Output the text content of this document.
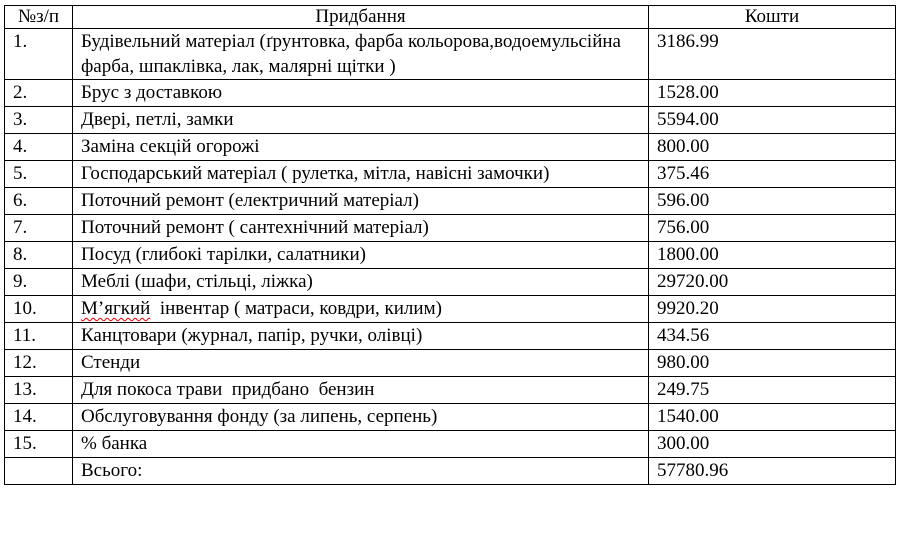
№з/п	Придбання	Кошти
1.	Будівельний матеріал (ґрунтовка, фарба кольорова,водоемульсійна фарба, шпаклівка, лак, малярні щітки )	3186.99
2.	Брус з доставкою	1528.00
3.	Двері, петлі, замки	5594.00
4.	Заміна секцій огорожі	800.00
5.	Господарський матеріал ( рулетка, мітла, навісні замочки)	375.46
6.	Поточний ремонт (електричний матеріал)	596.00
7.	Поточний ремонт ( сантехнічний матеріал)	756.00
8.	Посуд (глибокі тарілки, салатники)	1800.00
9.	Меблі (шафи, стільці, ліжка)	29720.00
10.	М’ягкий  інвентар ( матраси, ковдри, килим)	9920.20
11.	Канцтовари (журнал, папір, ручки, олівці)	434.56
12.	Стенди	980.00
13.	Для покоса трави  придбано  бензин	249.75
14.	Обслуговування фонду (за липень, серпень)	1540.00
15.	% банка	300.00
	Всього:	57780.96
